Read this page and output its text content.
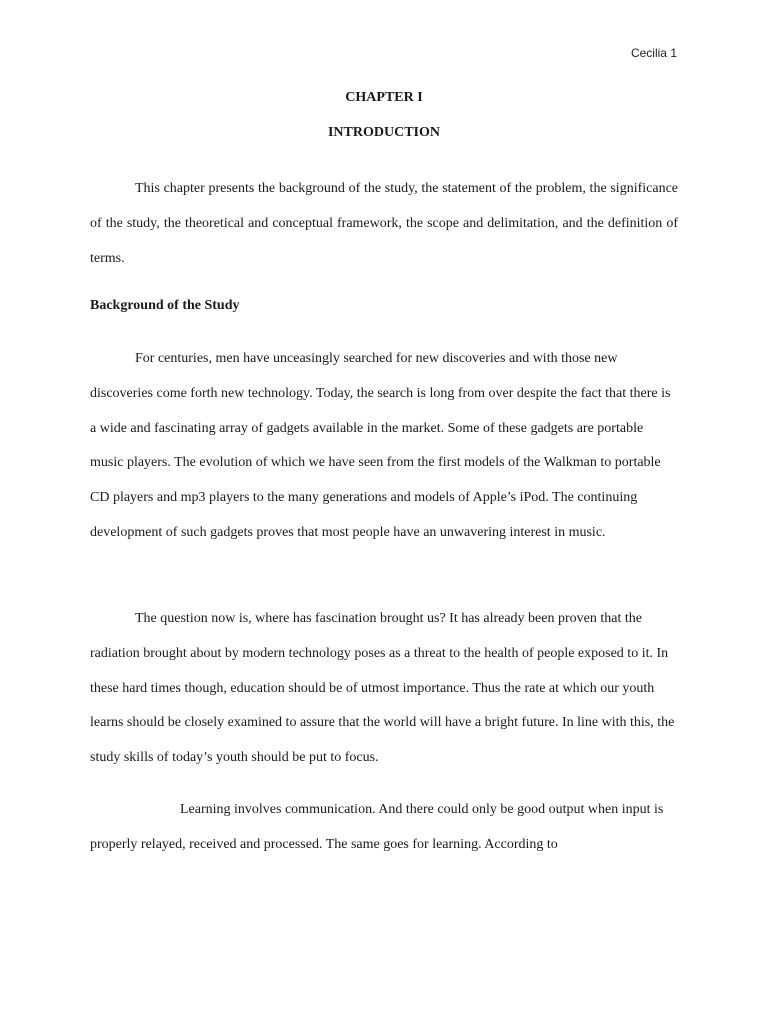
Cecilia 1
CHAPTER I
INTRODUCTION

This chapter presents the background of the study, the statement of the problem, the significance of the study, the theoretical and conceptual framework, the scope and delimitation, and the definition of terms.

Background of the Study

For centuries, men have unceasingly searched for new discoveries and with those new discoveries come forth new technology. Today, the search is long from over despite the fact that there is a wide and fascinating array of gadgets available in the market. Some of these gadgets are portable music players. The evolution of which we have seen from the first models of the Walkman to portable CD players and mp3 players to the many generations and models of Apple’s iPod. The continuing development of such gadgets proves that most people have an unwavering interest in music.

The question now is, where has fascination brought us? It has already been proven that the radiation brought about by modern technology poses as a threat to the health of people exposed to it. In these hard times though, education should be of utmost importance. Thus the rate at which our youth learns should be closely examined to assure that the world will have a bright future. In line with this, the study skills of today’s youth should be put to focus.

Learning involves communication. And there could only be good output when input is properly relayed, received and processed. The same goes for learning. According to
